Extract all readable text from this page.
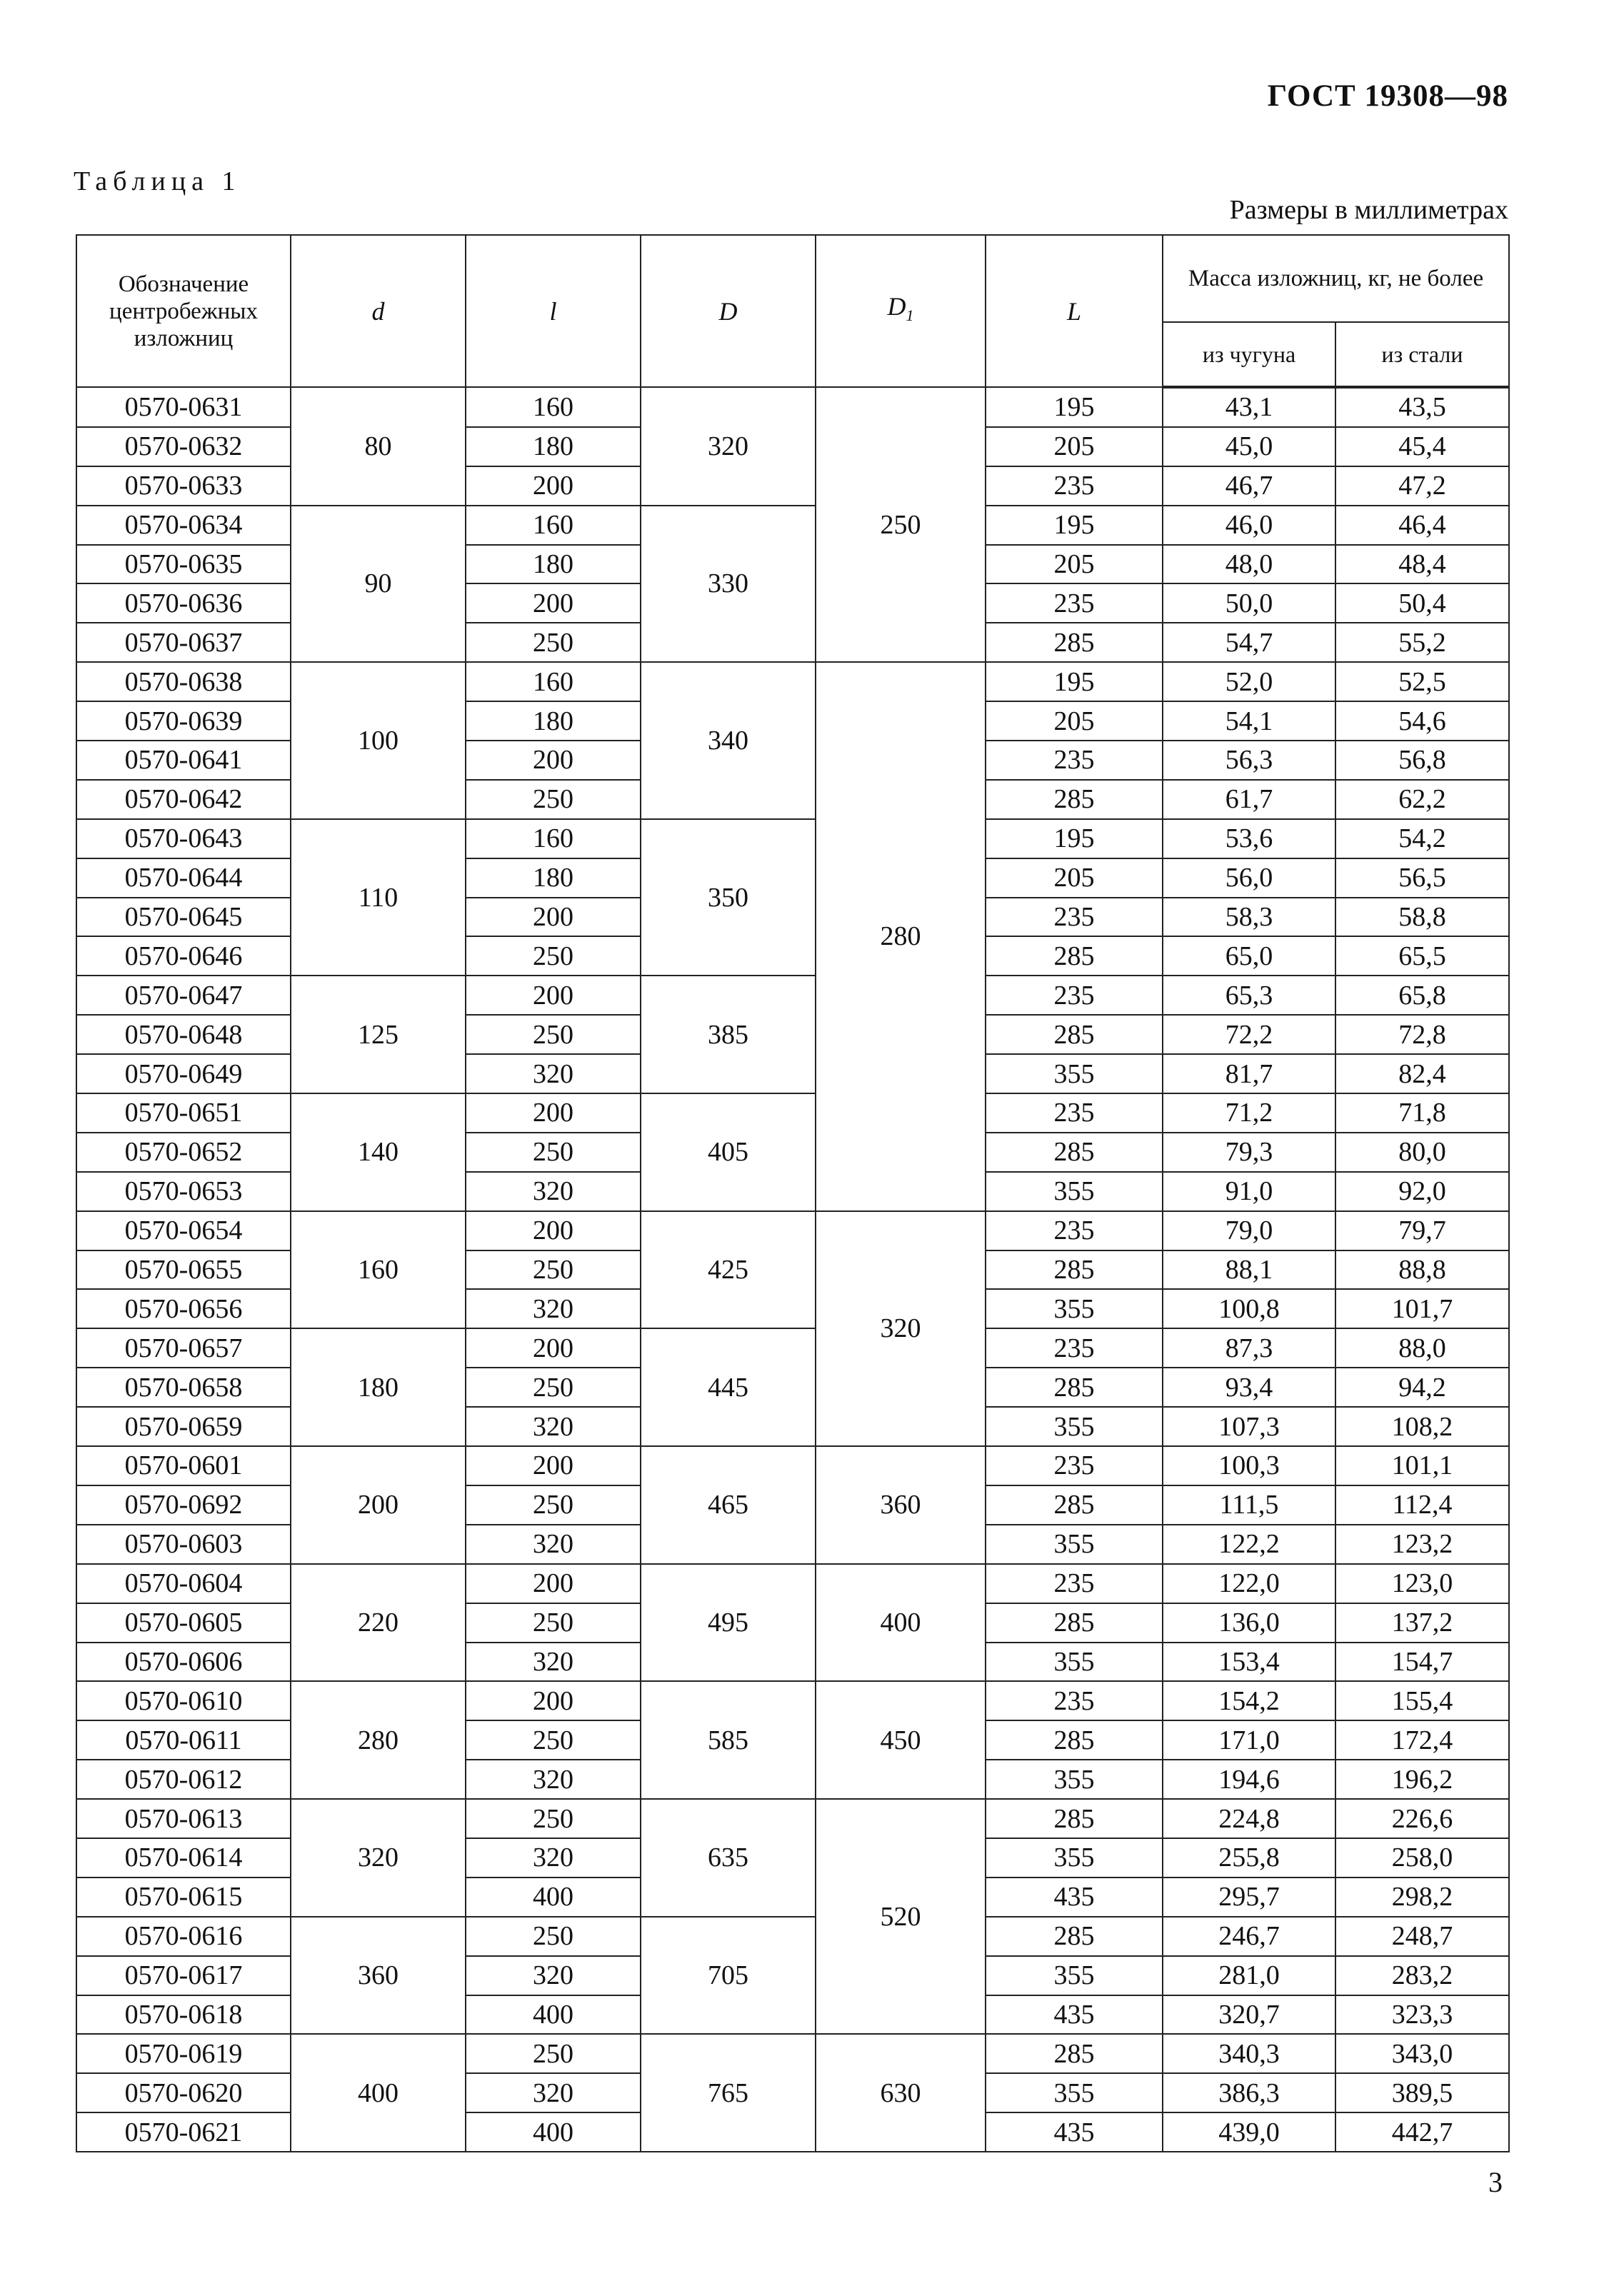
ГОСТ 19308—98
Таблица 1
Размеры в миллиметрах
Обозначение центробежных изложниц	d	l	D	$D_1$	L	Масса изложниц, кг, не более	
						из чугуна	из стали
0570-0631	80	160	320	250	195	43,1	43,5
0570-0632		180			205	45,0	45,4
0570-0633		200			235	46,7	47,2
0570-0634	90	160	330		195	46,0	46,4
0570-0635		180			205	48,0	48,4
0570-0636		200			235	50,0	50,4
0570-0637		250			285	54,7	55,2
0570-0638	100	160	340	280	195	52,0	52,5
0570-0639		180			205	54,1	54,6
0570-0641		200			235	56,3	56,8
0570-0642		250			285	61,7	62,2
0570-0643	110	160	350		195	53,6	54,2
0570-0644		180			205	56,0	56,5
0570-0645		200			235	58,3	58,8
0570-0646		250			285	65,0	65,5
0570-0647	125	200	385		235	65,3	65,8
0570-0648		250			285	72,2	72,8
0570-0649		320			355	81,7	82,4
0570-0651	140	200	405		235	71,2	71,8
0570-0652		250			285	79,3	80,0
0570-0653		320			355	91,0	92,0
0570-0654	160	200	425	320	235	79,0	79,7
0570-0655		250			285	88,1	88,8
0570-0656		320			355	100,8	101,7
0570-0657	180	200	445		235	87,3	88,0
0570-0658		250			285	93,4	94,2
0570-0659		320			355	107,3	108,2
0570-0601	200	200	465	360	235	100,3	101,1
0570-0692		250			285	111,5	112,4
0570-0603		320			355	122,2	123,2
0570-0604	220	200	495	400	235	122,0	123,0
0570-0605		250			285	136,0	137,2
0570-0606		320			355	153,4	154,7
0570-0610	280	200	585	450	235	154,2	155,4
0570-0611		250			285	171,0	172,4
0570-0612		320			355	194,6	196,2
0570-0613	320	250	635	520	285	224,8	226,6
0570-0614		320			355	255,8	258,0
0570-0615		400			435	295,7	298,2
0570-0616	360	250	705		285	246,7	248,7
0570-0617		320			355	281,0	283,2
0570-0618		400			435	320,7	323,3
0570-0619	400	250	765	630	285	340,3	343,0
0570-0620		320			355	386,3	389,5
0570-0621		400			435	439,0	442,7
3
